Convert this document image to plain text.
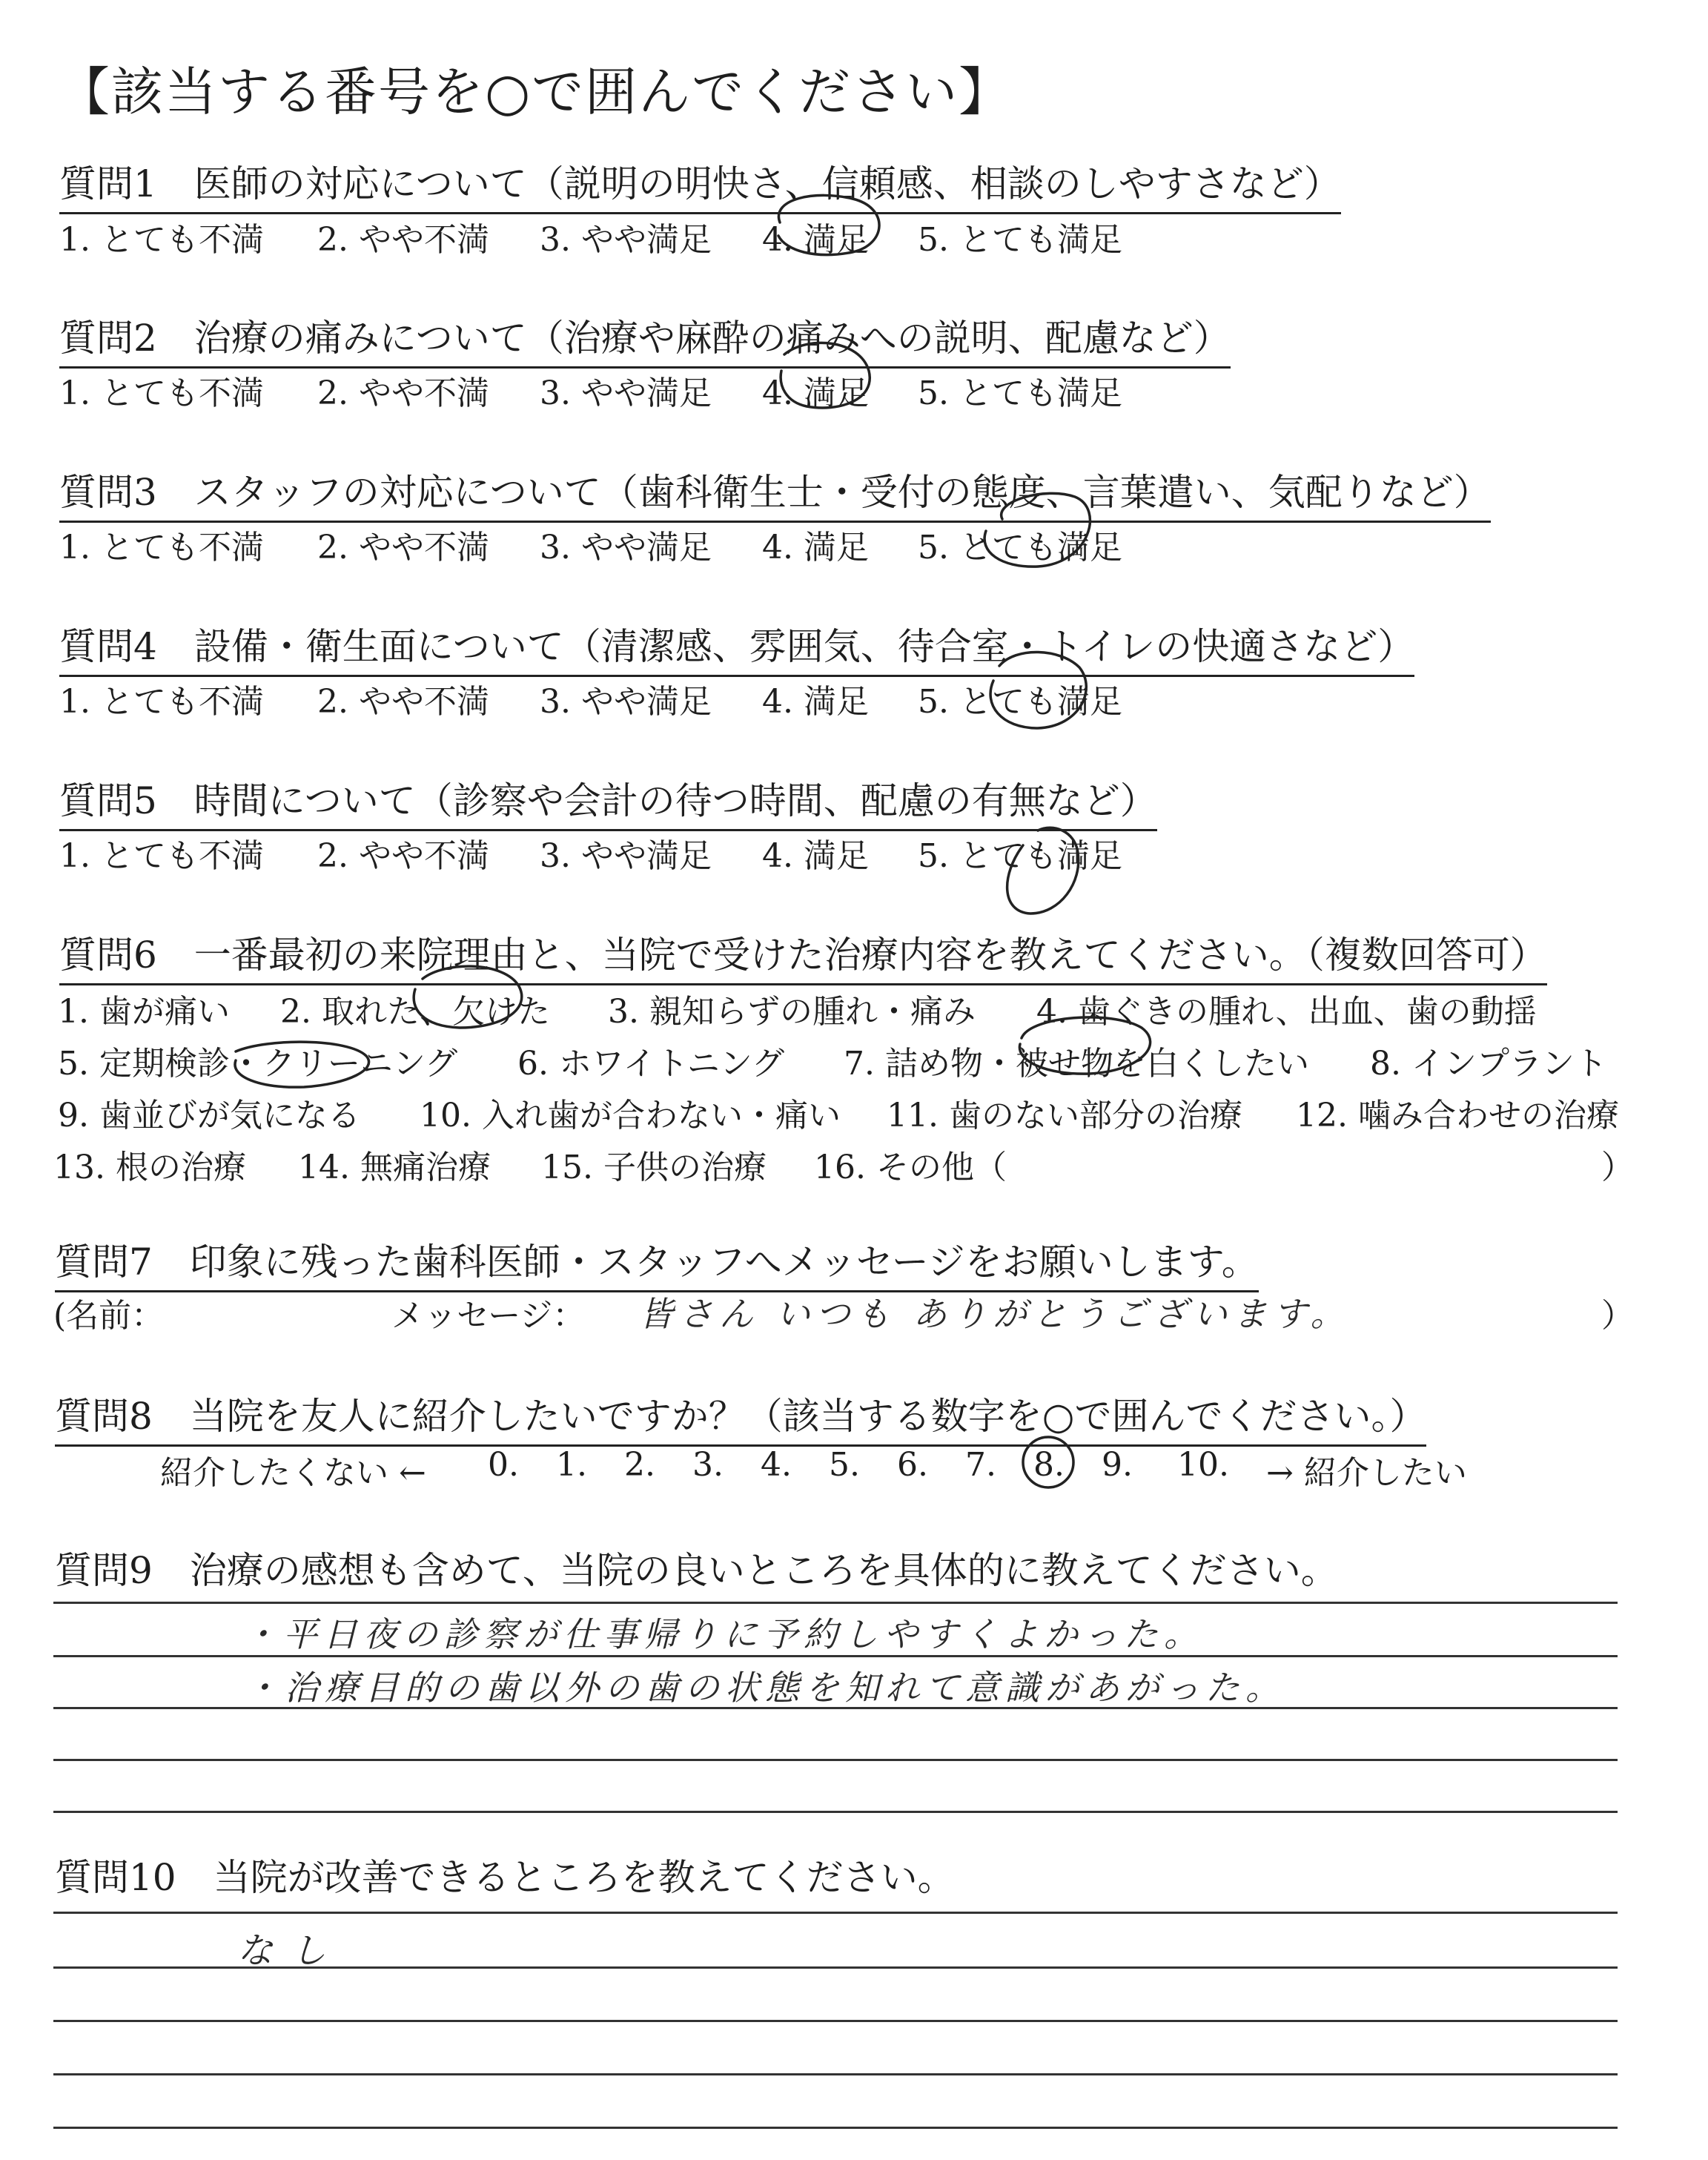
【該当する番号を○で囲んでください】
質問1　医師の対応について（説明の明快さ、信頼感、相談のしやすさなど）
1. とても不満 2. やや不満 3. やや満足 4. 満足 5. とても満足
質問2　治療の痛みについて（治療や麻酔の痛みへの説明、配慮など）
1. とても不満 2. やや不満 3. やや満足 4. 満足 5. とても満足
質問3　スタッフの対応について（歯科衛生士・受付の態度、言葉遣い、気配りなど）
1. とても不満 2. やや不満 3. やや満足 4. 満足 5. とても満足
質問4　設備・衛生面について（清潔感、雰囲気、待合室・トイレの快適さなど）
1. とても不満 2. やや不満 3. やや満足 4. 満足 5. とても満足
質問5　時間について（診察や会計の待つ時間、配慮の有無など）
1. とても不満 2. やや不満 3. やや満足 4. 満足 5. とても満足
質問6　一番最初の来院理由と、当院で受けた治療内容を教えてください。（複数回答可）
1. 歯が痛い 2. 取れた、欠けた 3. 親知らずの腫れ・痛み 4. 歯ぐきの腫れ、出血、歯の動揺
5. 定期検診・クリーニング 6. ホワイトニング 7. 詰め物・被せ物を白くしたい 8. インプラント
9. 歯並びが気になる 10. 入れ歯が合わない・痛い 11. 歯のない部分の治療 12. 噛み合わせの治療
13. 根の治療 14. 無痛治療 15. 子供の治療 16. その他（	）
質問7　印象に残った歯科医師・スタッフへメッセージをお願いします。
(名前：	メッセージ： 皆さん いつも ありがとうございます。	）
質問8　当院を友人に紹介したいですか？（該当する数字を○で囲んでください。）
紹介したくない ← 0. 1. 2. 3. 4. 5. 6. 7. 8. 9. 10. → 紹介したい
質問9　治療の感想も含めて、当院の良いところを具体的に教えてください。
・平日夜の診察が仕事帰りに予約しやすくよかった。
・治療目的の歯以外の歯の状態を知れて意識があがった。
質問10　当院が改善できるところを教えてください。
なし
